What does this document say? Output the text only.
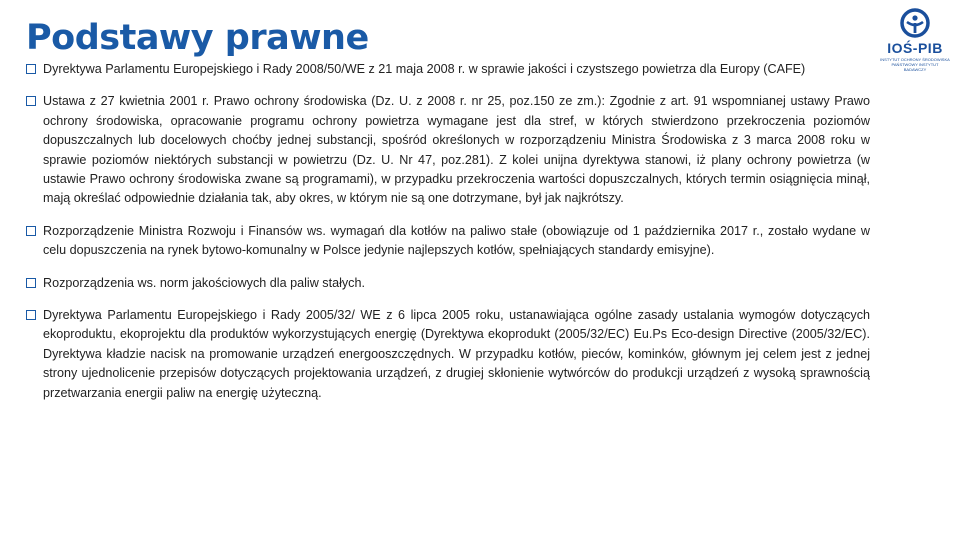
Podstawy prawne	IOŚ-PIB
INSTYTUT OCHRONY ŚRODOWISKA PAŃSTWOWY INSTYTUT BADAWCZY
Dyrektywa Parlamentu Europejskiego i Rady 2008/50/WE z 21 maja 2008 r. w sprawie jakości i czystszego powietrza dla Europy (CAFE)
Ustawa z 27 kwietnia 2001 r. Prawo ochrony środowiska (Dz. U. z 2008 r. nr 25, poz.150 ze zm.): Zgodnie z art. 91 wspomnianej ustawy Prawo ochrony środowiska, opracowanie programu ochrony powietrza wymagane jest dla stref, w których stwierdzono przekroczenia poziomów dopuszczalnych lub docelowych choćby jednej substancji, spośród określonych w rozporządzeniu Ministra Środowiska z 3 marca 2008 roku w sprawie poziomów niektórych substancji w powietrzu (Dz. U. Nr 47, poz.281). Z kolei unijna dyrektywa stanowi, iż plany ochrony powietrza (w ustawie Prawo ochrony środowiska zwane są programami), w przypadku przekroczenia wartości dopuszczalnych, których termin osiągnięcia minął, mają określać odpowiednie działania tak, aby okres, w którym nie są one dotrzymane, był jak najkrótszy.
Rozporządzenie Ministra Rozwoju i Finansów ws. wymagań dla kotłów na paliwo stałe (obowiązuje od 1 października 2017 r., zostało wydane w celu dopuszczenia na rynek bytowo-komunalny w Polsce jedynie najlepszych kotłów, spełniających standardy emisyjne).
Rozporządzenia ws. norm jakościowych dla paliw stałych.
Dyrektywa Parlamentu Europejskiego i Rady 2005/32/ WE z 6 lipca 2005 roku, ustanawiająca ogólne zasady ustalania wymogów dotyczących ekoproduktu, ekoprojektu dla produktów wykorzystujących energię (Dyrektywa ekoprodukt (2005/32/EC) Eu.Ps Eco-design Directive (2005/32/EC). Dyrektywa kładzie nacisk na promowanie urządzeń energooszczędnych. W przypadku kotłów, pieców, kominków, głównym jej celem jest z jednej strony ujednolicenie przepisów dotyczących projektowania urządzeń, z drugiej skłonienie wytwórców do produkcji urządzeń z wysoką sprawnością przetwarzania energii paliw na energię użyteczną.
